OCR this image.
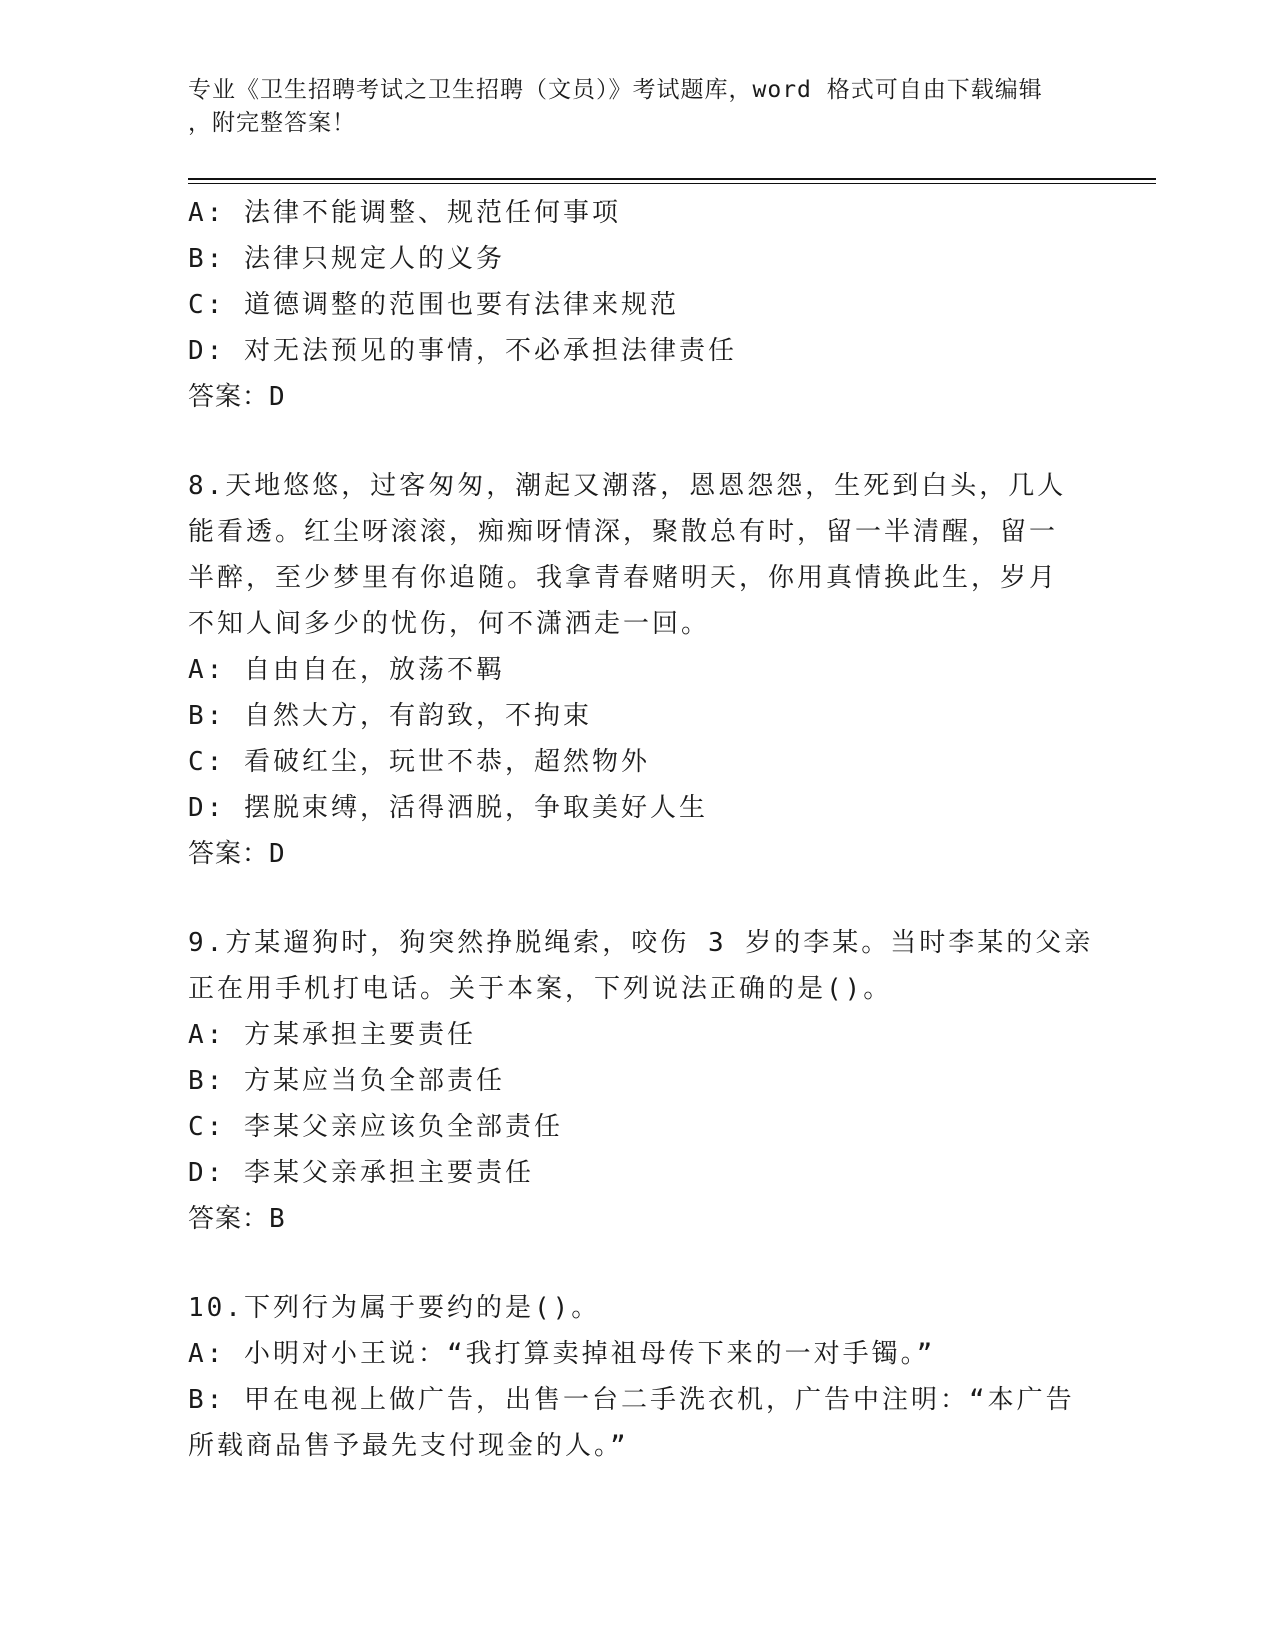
专业《卫生招聘考试之卫生招聘（文员）》考试题库，word 格式可自由下载编辑
，附完整答案！
A: 法律不能调整、规范任何事项
B: 法律只规定人的义务
C: 道德调整的范围也要有法律来规范
D: 对无法预见的事情，不必承担法律责任
答案：D
8.天地悠悠，过客匆匆，潮起又潮落，恩恩怨怨，生死到白头，几人
能看透。红尘呀滚滚，痴痴呀情深，聚散总有时，留一半清醒，留一
半醉，至少梦里有你追随。我拿青春赌明天，你用真情换此生，岁月
不知人间多少的忧伤，何不潇洒走一回。
A: 自由自在，放荡不羁
B: 自然大方，有韵致，不拘束
C: 看破红尘，玩世不恭，超然物外
D: 摆脱束缚，活得洒脱，争取美好人生
答案：D
9.方某遛狗时，狗突然挣脱绳索，咬伤 3 岁的李某。当时李某的父亲
正在用手机打电话。关于本案，下列说法正确的是()。
A: 方某承担主要责任
B: 方某应当负全部责任
C: 李某父亲应该负全部责任
D: 李某父亲承担主要责任
答案：B
10.下列行为属于要约的是()。
A: 小明对小王说：“我打算卖掉祖母传下来的一对手镯。”
B: 甲在电视上做广告，出售一台二手洗衣机，广告中注明：“本广告
所载商品售予最先支付现金的人。”
